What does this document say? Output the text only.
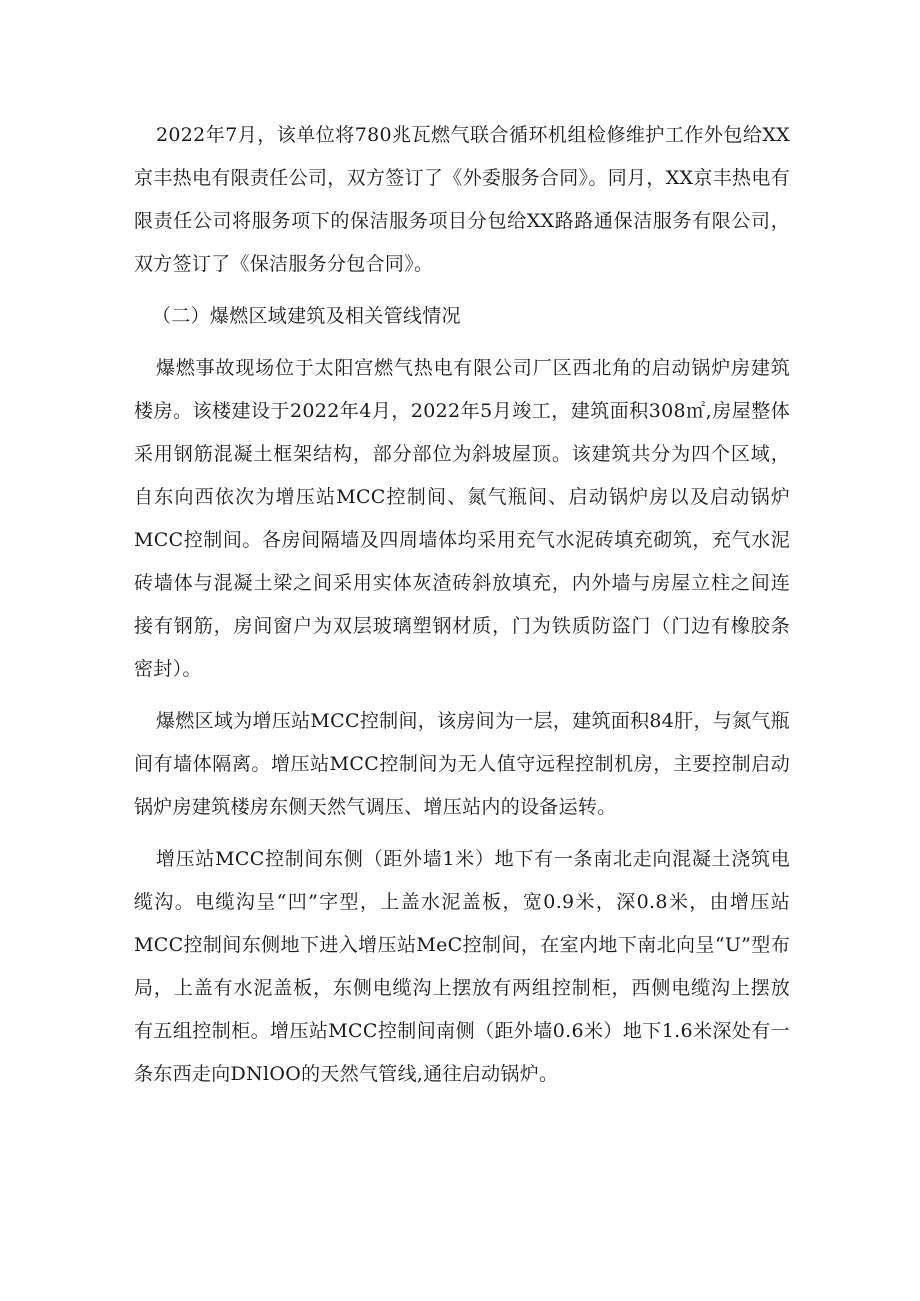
2022年7月，该单位将780兆瓦燃气联合循环机组检修维护工作外包给XX京丰热电有限责任公司，双方签订了《外委服务合同》。同月，XX京丰热电有限责任公司将服务项下的保洁服务项目分包给XX路路通保洁服务有限公司，双方签订了《保洁服务分包合同》。

（二）爆燃区域建筑及相关管线情况

爆燃事故现场位于太阳宫燃气热电有限公司厂区西北角的启动锅炉房建筑楼房。该楼建设于2022年4月，2022年5月竣工，建筑面积308㎡,房屋整体采用钢筋混凝土框架结构，部分部位为斜坡屋顶。该建筑共分为四个区域，自东向西依次为增压站MCC控制间、氮气瓶间、启动锅炉房以及启动锅炉MCC控制间。各房间隔墙及四周墙体均采用充气水泥砖填充砌筑，充气水泥砖墙体与混凝土梁之间采用实体灰渣砖斜放填充，内外墙与房屋立柱之间连接有钢筋，房间窗户为双层玻璃塑钢材质，门为铁质防盗门（门边有橡胶条密封）。

爆燃区域为增压站MCC控制间，该房间为一层，建筑面积84肝，与氮气瓶间有墙体隔离。增压站MCC控制间为无人值守远程控制机房，主要控制启动锅炉房建筑楼房东侧天然气调压、增压站内的设备运转。

增压站MCC控制间东侧（距外墙1米）地下有一条南北走向混凝土浇筑电缆沟。电缆沟呈“凹”字型，上盖水泥盖板，宽0.9米，深0.8米，由增压站MCC控制间东侧地下进入增压站MeC控制间，在室内地下南北向呈“U”型布局，上盖有水泥盖板，东侧电缆沟上摆放有两组控制柜，西侧电缆沟上摆放有五组控制柜。增压站MCC控制间南侧（距外墙0.6米）地下1.6米深处有一条东西走向DNlOO的天然气管线,通往启动锅炉。
